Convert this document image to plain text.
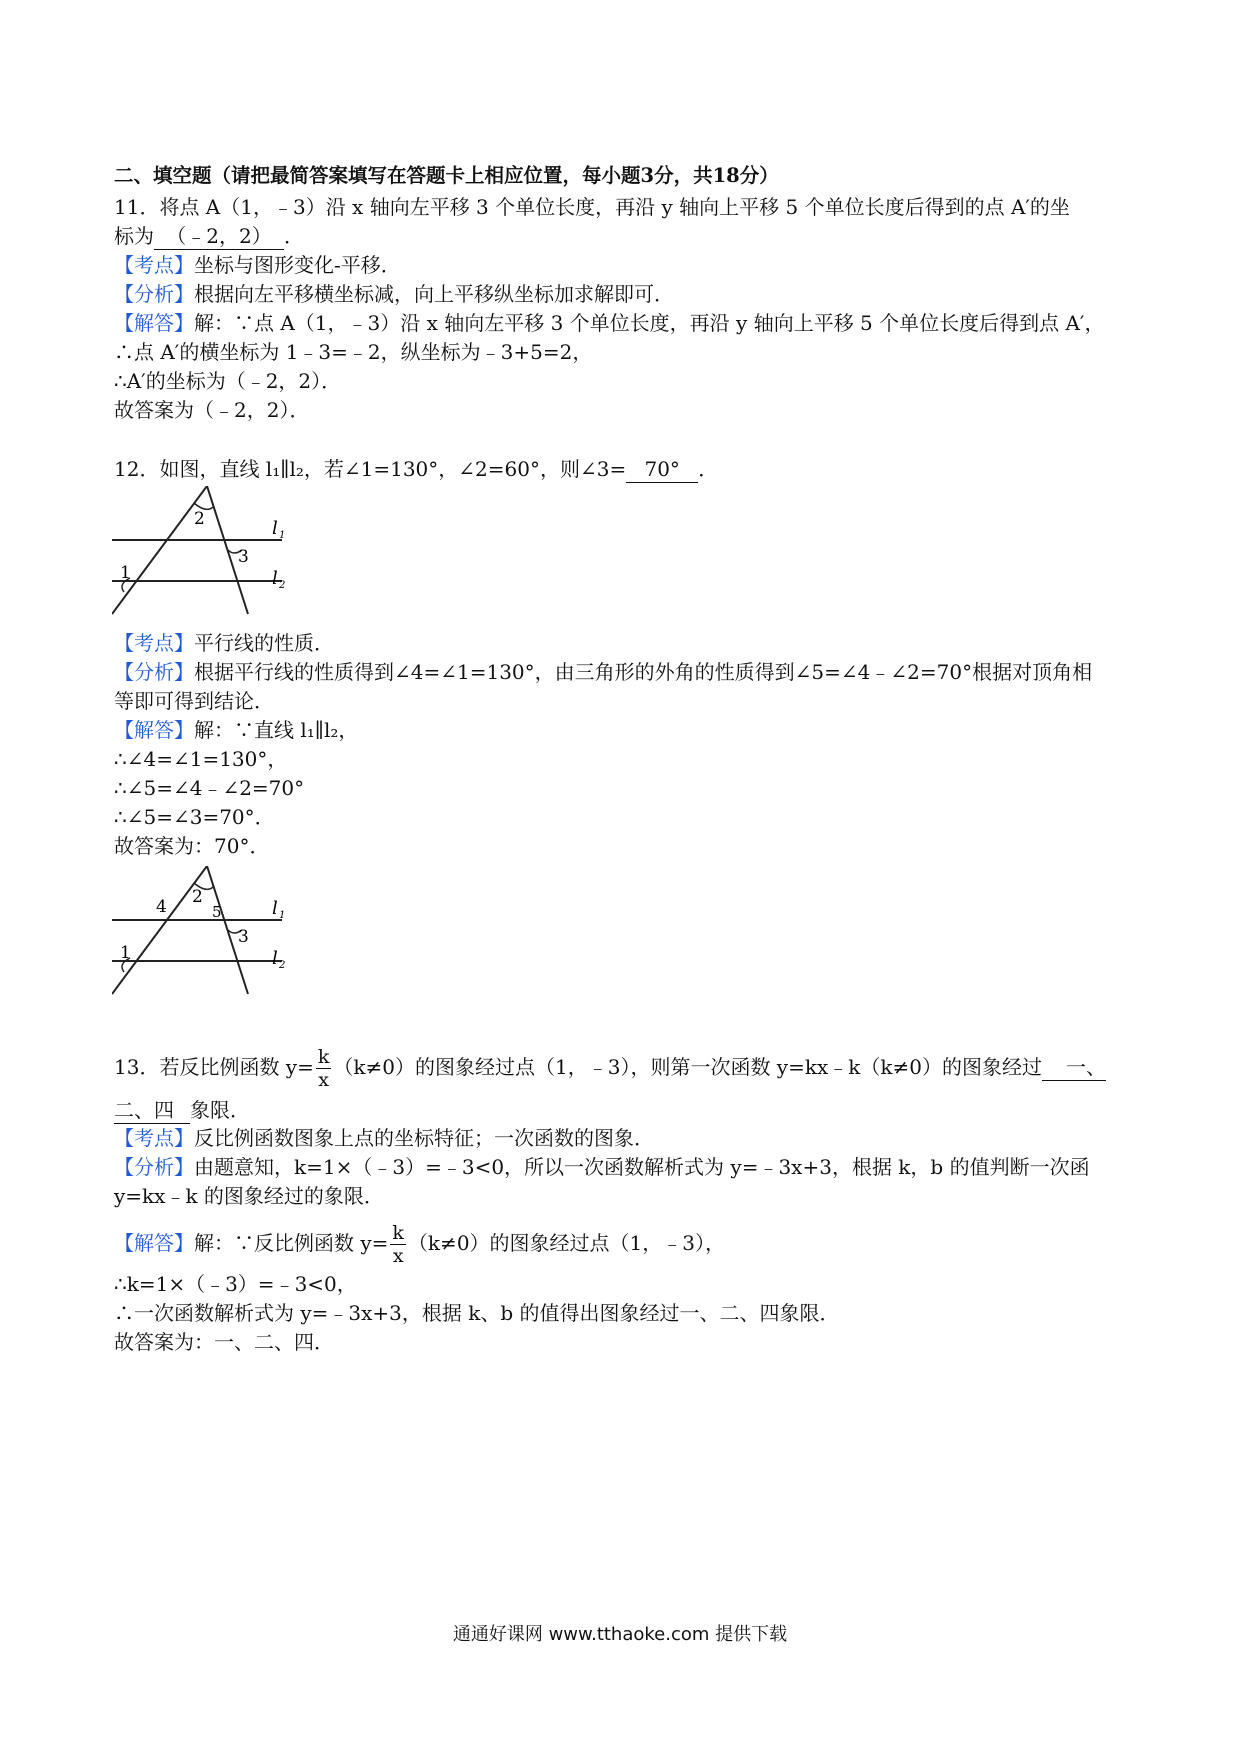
二、填空题（请把最简答案填写在答题卡上相应位置，每小题3分，共18分）
11．将点 A（1，﹣3）沿 x 轴向左平移 3 个单位长度，再沿 y 轴向上平移 5 个单位长度后得到的点 A′的坐
标为 （﹣2，2） ．
【考点】坐标与图形变化-平移．
【分析】根据向左平移横坐标减，向上平移纵坐标加求解即可．
【解答】解：∵点 A（1，﹣3）沿 x 轴向左平移 3 个单位长度，再沿 y 轴向上平移 5 个单位长度后得到点 A′，
∴点 A′的横坐标为 1﹣3=﹣2，纵坐标为﹣3+5=2，
∴A′的坐标为（﹣2，2）．
故答案为（﹣2，2）．
12．如图，直线 l₁∥l₂，若∠1=130°，∠2=60°，则∠3= 70° ．
2
3
1
l 1
l 2
【考点】平行线的性质．
【分析】根据平行线的性质得到∠4=∠1=130°，由三角形的外角的性质得到∠5=∠4﹣∠2=70°根据对顶角相
等即可得到结论．
【解答】解：∵直线 l₁∥l₂，
∴∠4=∠1=130°，
∴∠5=∠4﹣∠2=70°
∴∠5=∠3=70°．
故答案为：70°．
2
4	5
3
1
l 1
l 2
13．若反比例函数 $y= \frac{k}{x} (k\ne 0)$的图象经过点（1，﹣3），则第一次函数 y=kx﹣k（k≠0）的图象经过 一、
二、四 象限．
【考点】反比例函数图象上点的坐标特征；一次函数的图象．
【分析】由题意知，k=1×（﹣3）=﹣3<0，所以一次函数解析式为 y=﹣3x+3，根据 k，b 的值判断一次函
y=kx﹣k 的图象经过的象限．
【解答】解：∵反比例函数 $y= \frac{k}{x} (k\ne 0)$的图象经过点（1，﹣3），
∴k=1×（﹣3）=﹣3<0，
∴一次函数解析式为 y=﹣3x+3，根据 k、b 的值得出图象经过一、二、四象限．
故答案为：一、二、四．
通通好课网 www.tthaoke.com 提供下载
